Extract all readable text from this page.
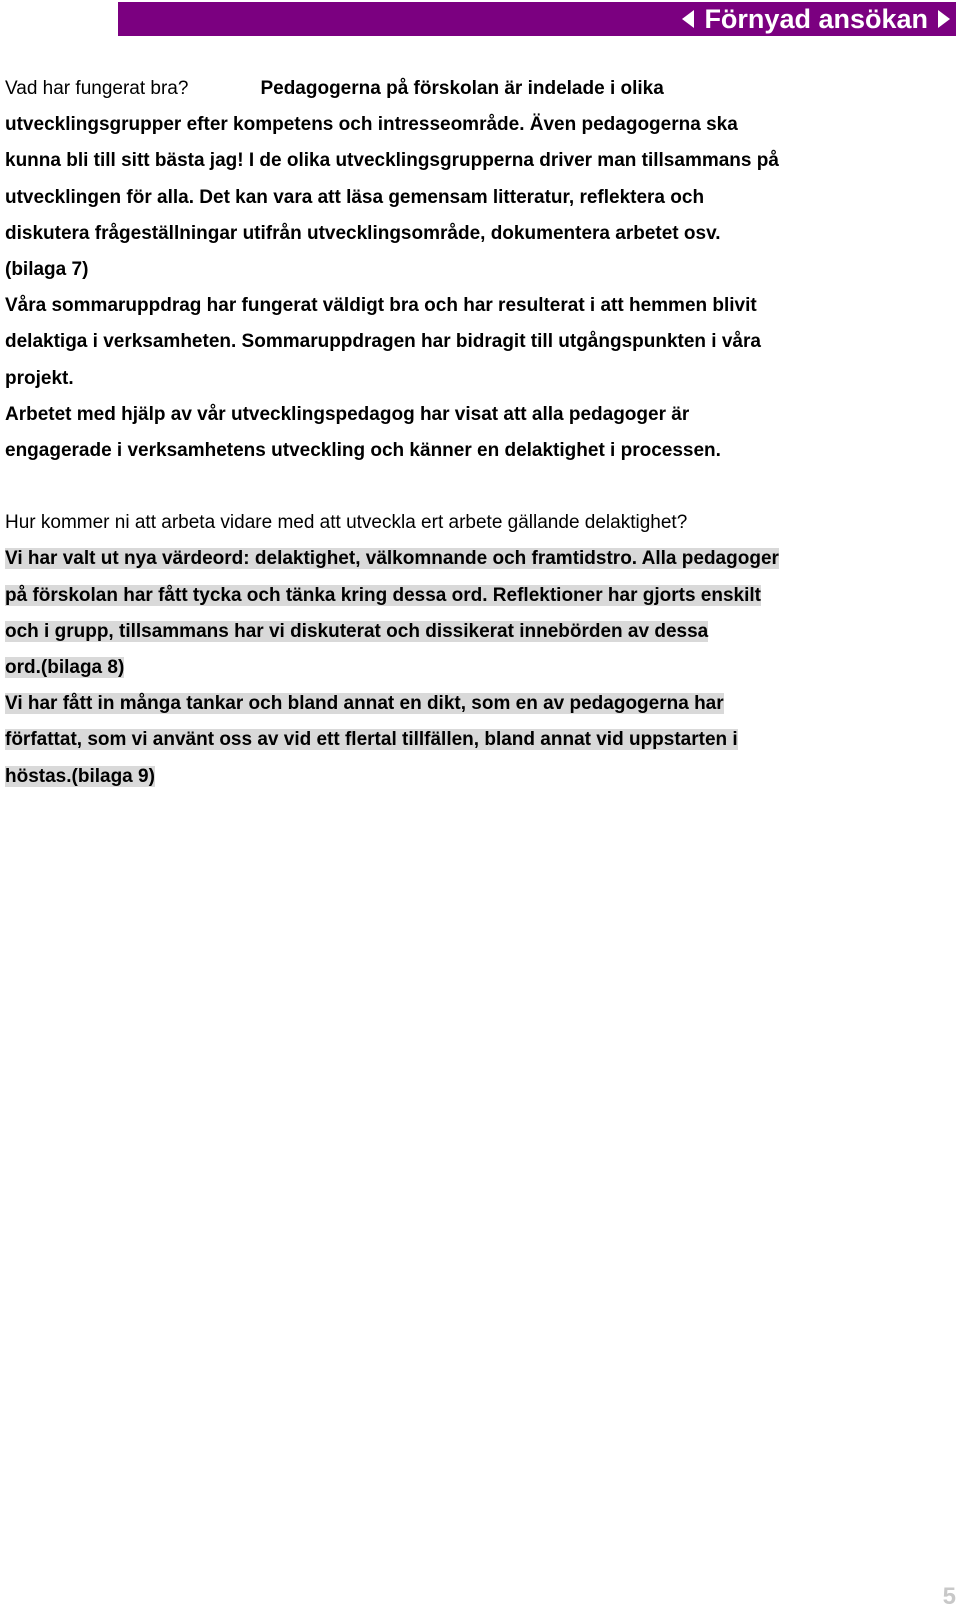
Förnyad ansökan
Vad har fungerat bra?	Pedagogerna på förskolan är indelade i olika
utvecklingsgrupper efter kompetens och intresseområde. Även pedagogerna ska
kunna bli till sitt bästa jag! I de olika utvecklingsgrupperna driver man tillsammans på
utvecklingen för alla. Det kan vara att läsa gemensam litteratur, reflektera och
diskutera frågeställningar utifrån utvecklingsområde, dokumentera arbetet osv.
(bilaga 7)
Våra sommaruppdrag har fungerat väldigt bra och har resulterat i att hemmen blivit
delaktiga i verksamheten. Sommaruppdragen har bidragit till utgångspunkten i våra
projekt.
Arbetet med hjälp av vår utvecklingspedagog har visat att alla pedagoger är
engagerade i verksamhetens utveckling och känner en delaktighet i processen.
Hur kommer ni att arbeta vidare med att utveckla ert arbete gällande delaktighet?
Vi har valt ut nya värdeord: delaktighet, välkomnande och framtidstro. Alla pedagoger
på förskolan har fått tycka och tänka kring dessa ord. Reflektioner har gjorts enskilt
och i grupp, tillsammans har vi diskuterat och dissikerat innebörden av dessa
ord.(bilaga 8)
Vi har fått in många tankar och bland annat en dikt, som en av pedagogerna har
författat, som vi använt oss av vid ett flertal tillfällen, bland annat vid uppstarten i
höstas.(bilaga 9)
5
